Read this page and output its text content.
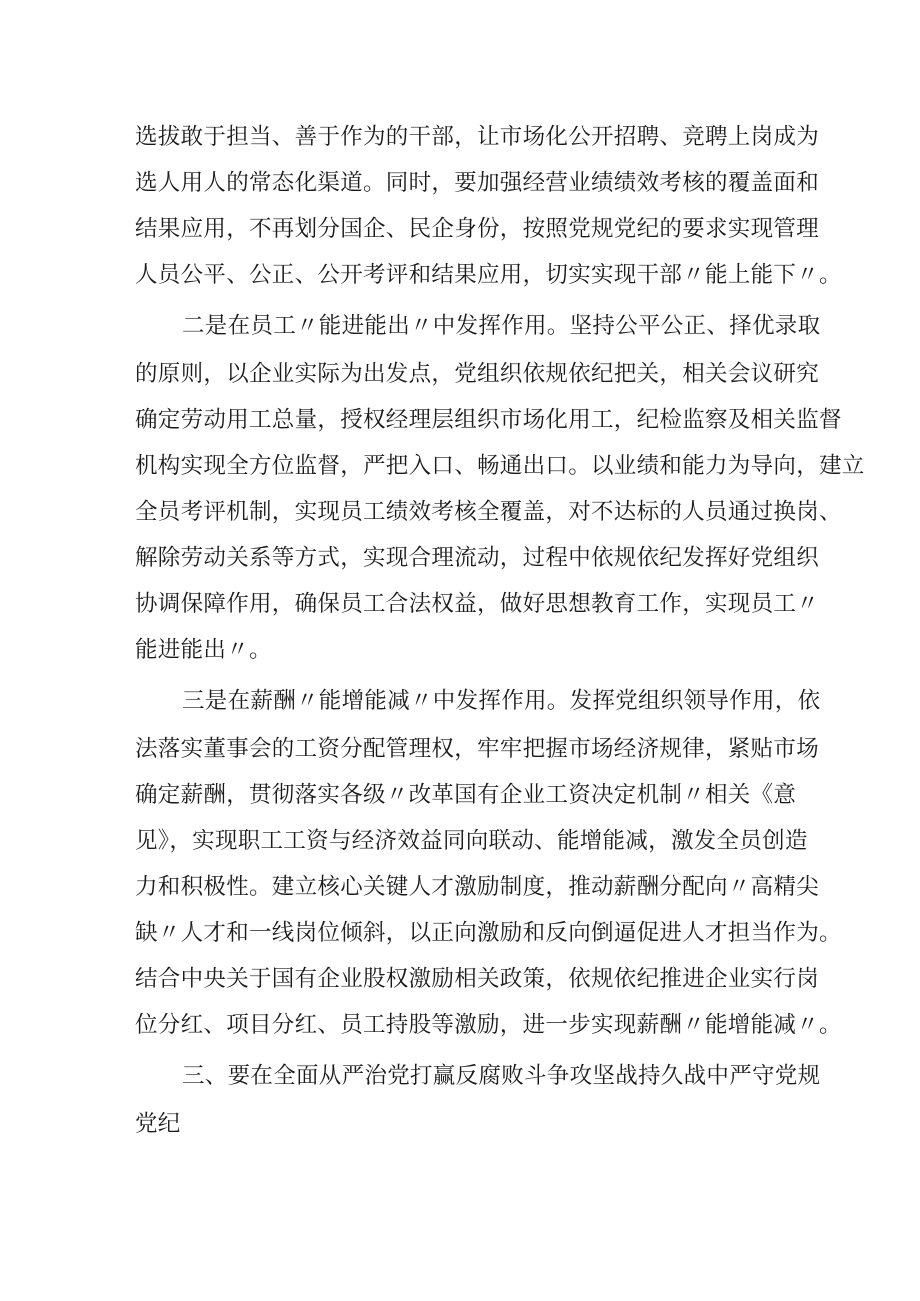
选拔敢于担当、善于作为的干部，让市场化公开招聘、竞聘上岗成为
选人用人的常态化渠道。同时，要加强经营业绩绩效考核的覆盖面和
结果应用，不再划分国企、民企身份，按照党规党纪的要求实现管理
人员公平、公正、公开考评和结果应用，切实实现干部〃能上能下〃。
二是在员工〃能进能出〃中发挥作用。坚持公平公正、择优录取
的原则，以企业实际为出发点，党组织依规依纪把关，相关会议研究
确定劳动用工总量，授权经理层组织市场化用工，纪检监察及相关监督
机构实现全方位监督，严把入口、畅通出口。以业绩和能力为导向，建立
全员考评机制，实现员工绩效考核全覆盖，对不达标的人员通过换岗、
解除劳动关系等方式，实现合理流动，过程中依规依纪发挥好党组织
协调保障作用，确保员工合法权益，做好思想教育工作，实现员工〃
能进能出〃。
三是在薪酬〃能增能减〃中发挥作用。发挥党组织领导作用，依
法落实董事会的工资分配管理权，牢牢把握市场经济规律，紧贴市场
确定薪酬，贯彻落实各级〃改革国有企业工资决定机制〃相关《意
见》，实现职工工资与经济效益同向联动、能增能减，激发全员创造
力和积极性。建立核心关键人才激励制度，推动薪酬分配向〃高精尖
缺〃人才和一线岗位倾斜，以正向激励和反向倒逼促进人才担当作为。
结合中央关于国有企业股权激励相关政策，依规依纪推进企业实行岗
位分红、项目分红、员工持股等激励，进一步实现薪酬〃能增能减〃。
三、要在全面从严治党打赢反腐败斗争攻坚战持久战中严守党规
党纪
